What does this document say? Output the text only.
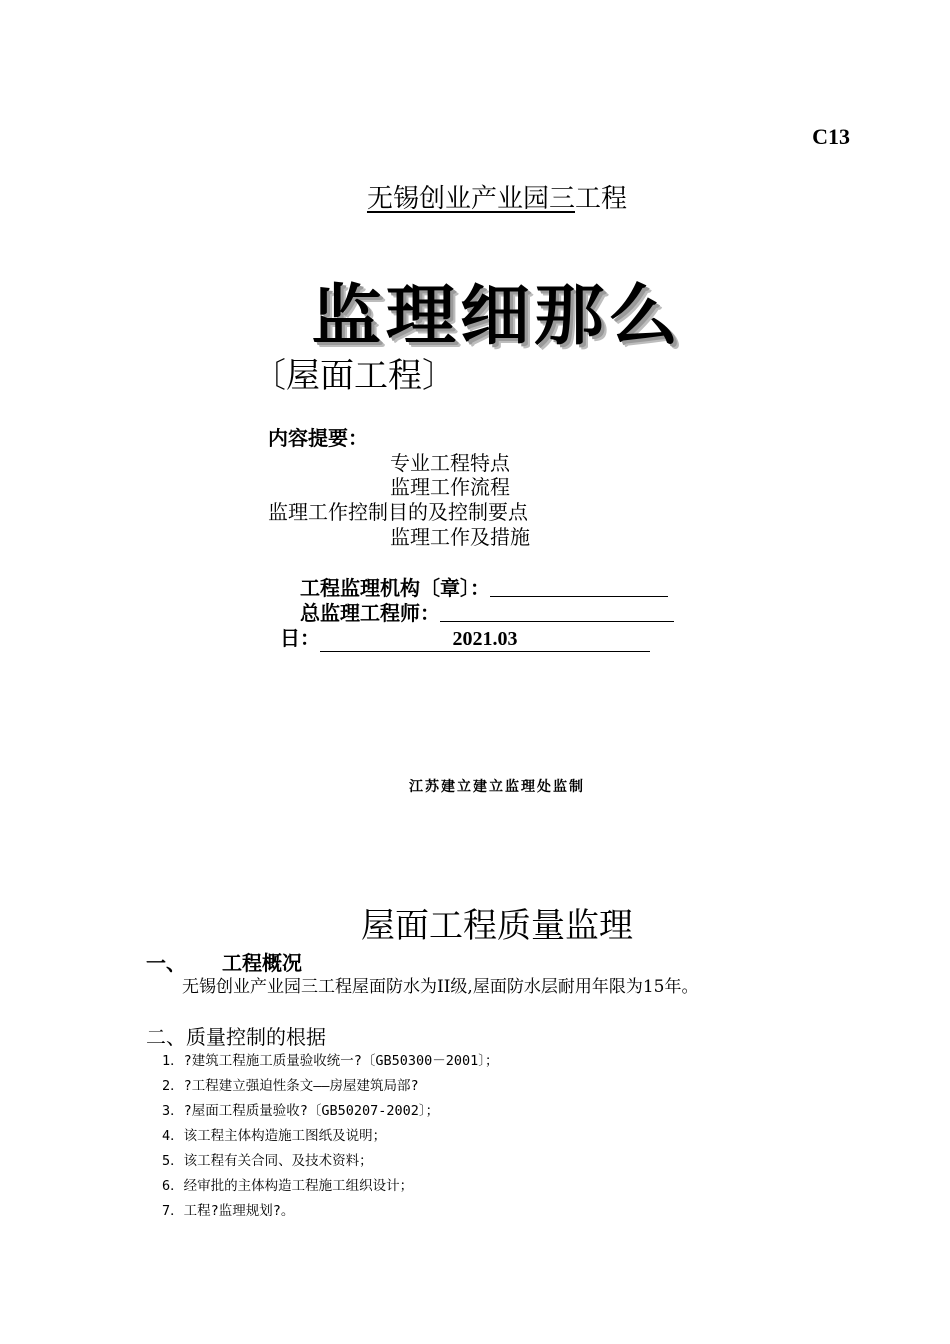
C13
无锡创业产业园三工程
监理细那么
〔屋面工程〕
内容提要：
专业工程特点
监理工作流程
监理工作控制目的及控制要点
监理工作及措施
工程监理机构〔章〕：
总监理工程师：
日：	2021.03
江苏建立建立监理处监制
屋面工程质量监理
一、 工程概况
无锡创业产业园三工程屋面防水为II级,屋面防水层耐用年限为15年。
二、质量控制的根据
1．?建筑工程施工质量验收统一?〔GB50300－2001〕；
2．?工程建立强迫性条文——房屋建筑局部?
3．?屋面工程质量验收?〔GB50207-2002〕；
4．该工程主体构造施工图纸及说明；
5．该工程有关合同、及技术资料；
6．经审批的主体构造工程施工组织设计；
7．工程?监理规划?。
